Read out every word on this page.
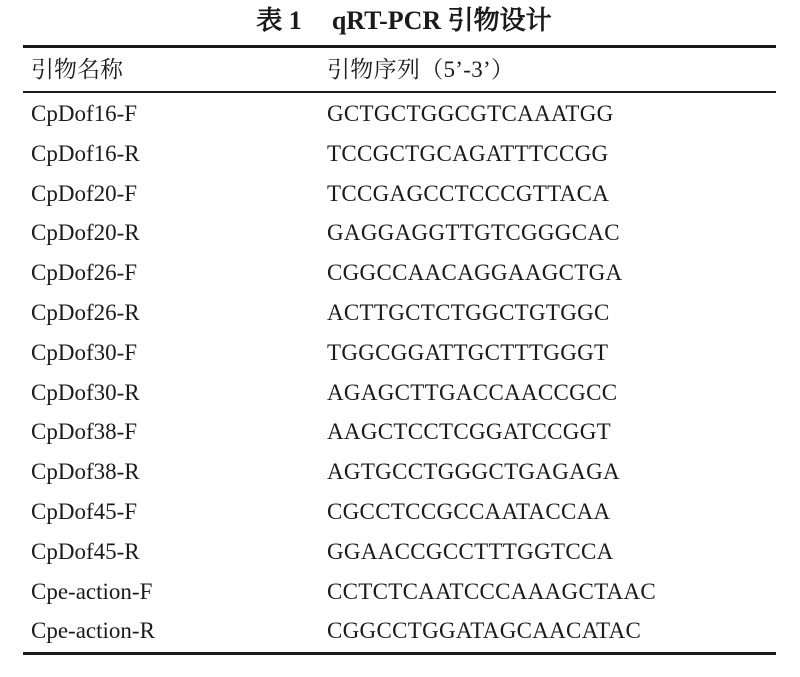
表 1 qRT-PCR 引物设计
引物名称	引物序列（5’-3’）
CpDof16-F	GCTGCTGGCGTCAAATGG
CpDof16-R	TCCGCTGCAGATTTCCGG
CpDof20-F	TCCGAGCCTCCCGTTACA
CpDof20-R	GAGGAGGTTGTCGGGCAC
CpDof26-F	CGGCCAACAGGAAGCTGA
CpDof26-R	ACTTGCTCTGGCTGTGGC
CpDof30-F	TGGCGGATTGCTTTGGGT
CpDof30-R	AGAGCTTGACCAACCGCC
CpDof38-F	AAGCTCCTCGGATCCGGT
CpDof38-R	AGTGCCTGGGCTGAGAGA
CpDof45-F	CGCCTCCGCCAATACCAA
CpDof45-R	GGAACCGCCTTTGGTCCA
Cpe-action-F	CCTCTCAATCCCAAAGCTAAC
Cpe-action-R	CGGCCTGGATAGCAACATAC
